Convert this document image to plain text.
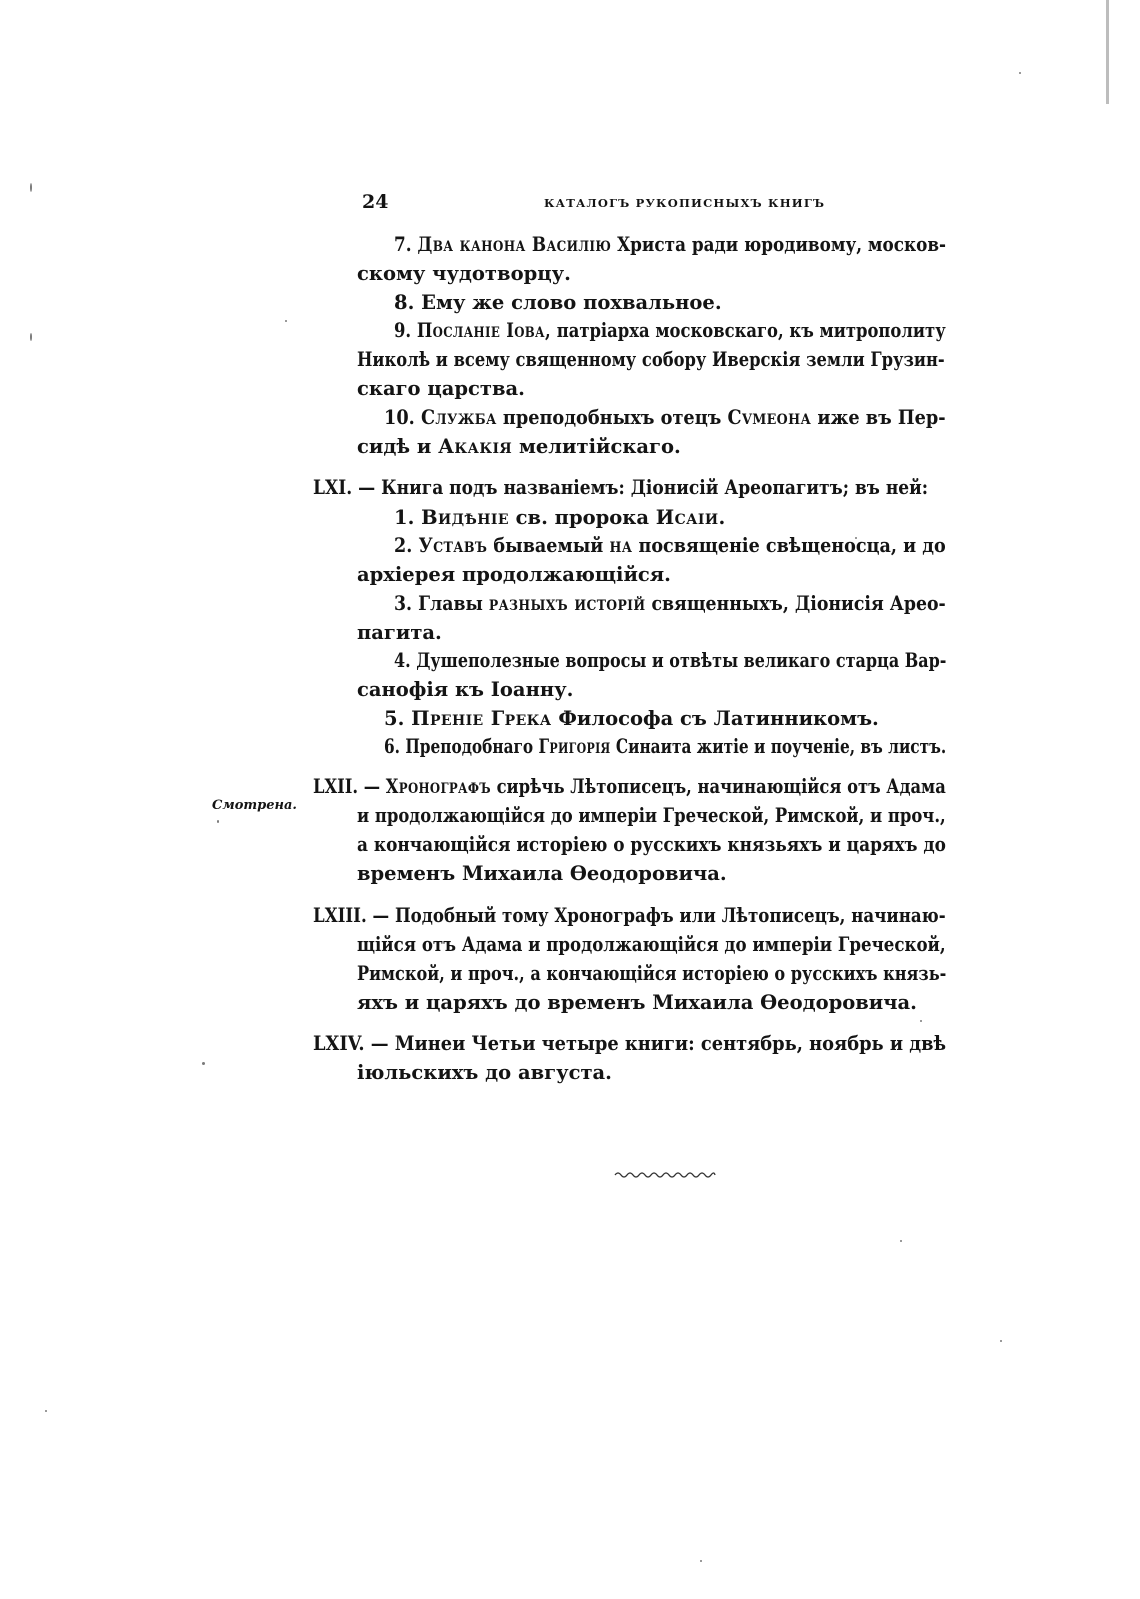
24	КАТАЛОГЪ РУКОПИСНЫХЪ КНИГЪ
Смотрена.

7. Два канона Василію Христа ради юродивому, москов-

скому чудотворцу.

8. Ему же слово похвальное.

9. Посланіе Іова, патріарха московскаго, къ митрополиту

Николѣ и всему священному собору Иверскія земли Грузин-

скаго царства.

10. Служба преподобныхъ отецъ Сvмеона иже въ Пер-

сидѣ и Акакія мелитійскаго.

LXI. — Книга подъ названіемъ: Діонисій Ареопагитъ; въ ней:

1. Видѣніе св. пророка Исаіи.

2. Уставъ бываемый на посвященіе свѣщеносца, и до

архіерея продолжающійся.

3. Главы разныхъ исторій священныхъ, Діонисія Арео-

пагита.

4. Душеполезные вопросы и отвѣты великаго старца Вар-

санофія къ Іоанну.

5. Преніе Грека Философа съ Латинникомъ.

6. Преподобнаго Григорія Синаита житіе и поученіе, въ листъ.

LXII. — Хронографъ сирѣчь Лѣтописецъ, начинающійся отъ Адама

и продолжающійся до имперіи Греческой, Римской, и проч.,

а кончающійся исторіею о русскихъ князьяхъ и царяхъ до

временъ Михаила Ѳеодоровича.

LXIII. — Подобный тому Хронографъ или Лѣтописецъ, начинаю-

щійся отъ Адама и продолжающійся до имперіи Греческой,

Римской, и проч., а кончающійся исторіею о русскихъ князь-

яхъ и царяхъ до временъ Михаила Ѳеодоровича.

LXIV. — Минеи Четьи четыре книги: сентябрь, ноябрь и двѣ

іюльскихъ до августа.
